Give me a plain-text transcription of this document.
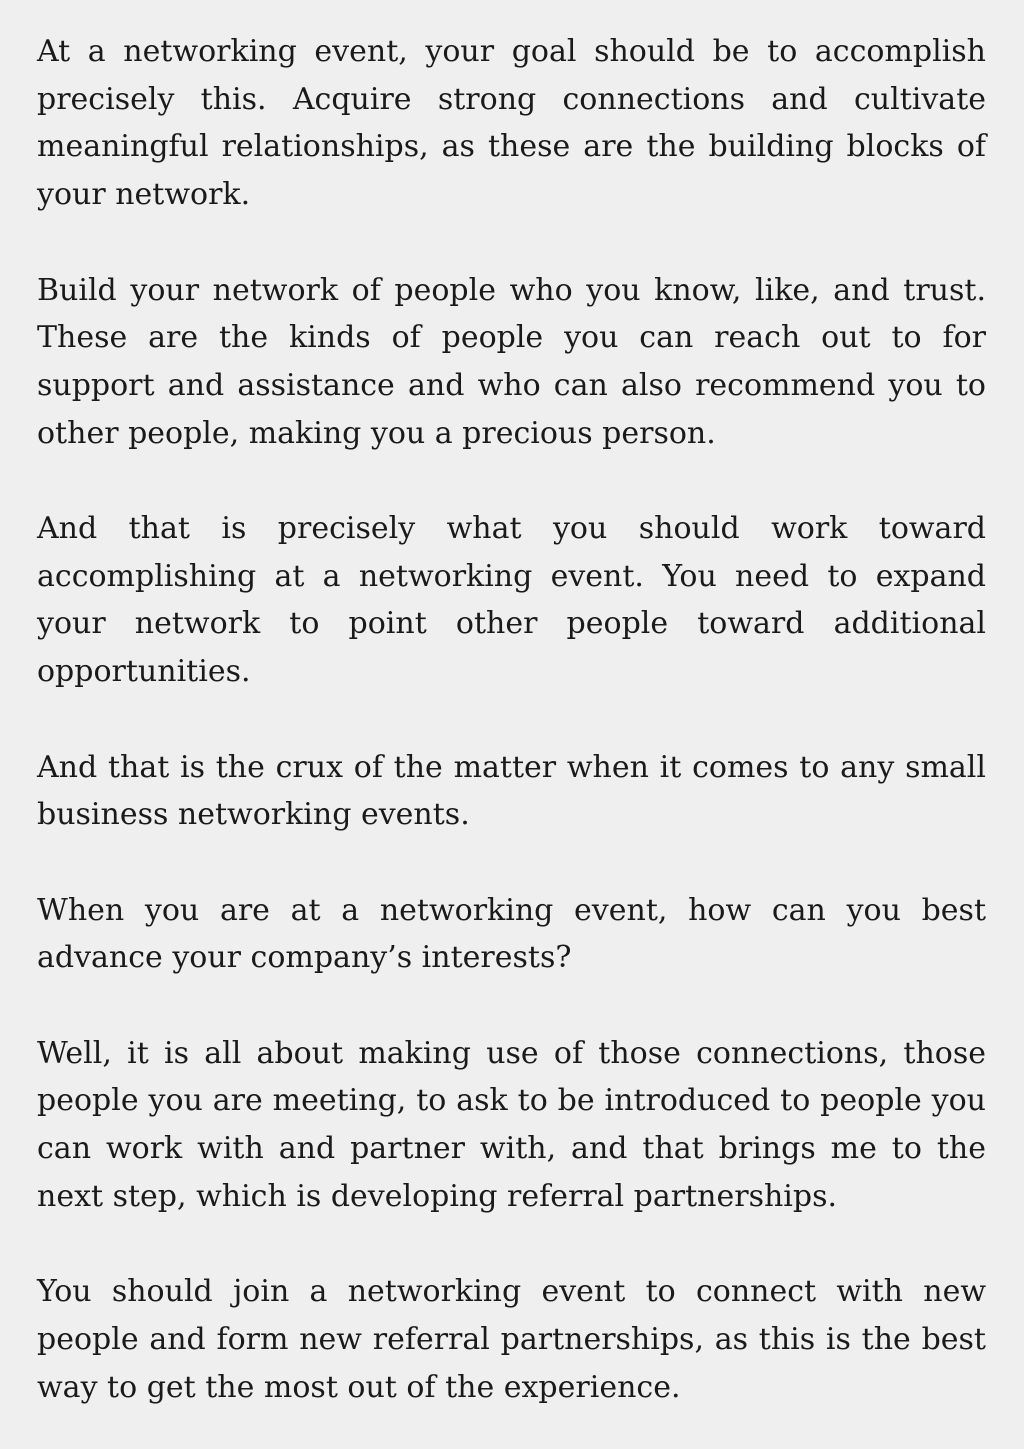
At a networking event, your goal should be to accomplish precisely this. Acquire strong connections and cultivate meaningful relationships, as these are the building blocks of your network.

Build your network of people who you know, like, and trust. These are the kinds of people you can reach out to for support and assistance and who can also recommend you to other people, making you a precious person.

And that is precisely what you should work toward accomplishing at a networking event. You need to expand your network to point other people toward additional opportunities.

And that is the crux of the matter when it comes to any small business networking events.

When you are at a networking event, how can you best advance your company’s interests?

Well, it is all about making use of those connections, those people you are meeting, to ask to be introduced to people you can work with and partner with, and that brings me to the next step, which is developing referral partnerships.

You should join a networking event to connect with new people and form new referral partnerships, as this is the best way to get the most out of the experience.
